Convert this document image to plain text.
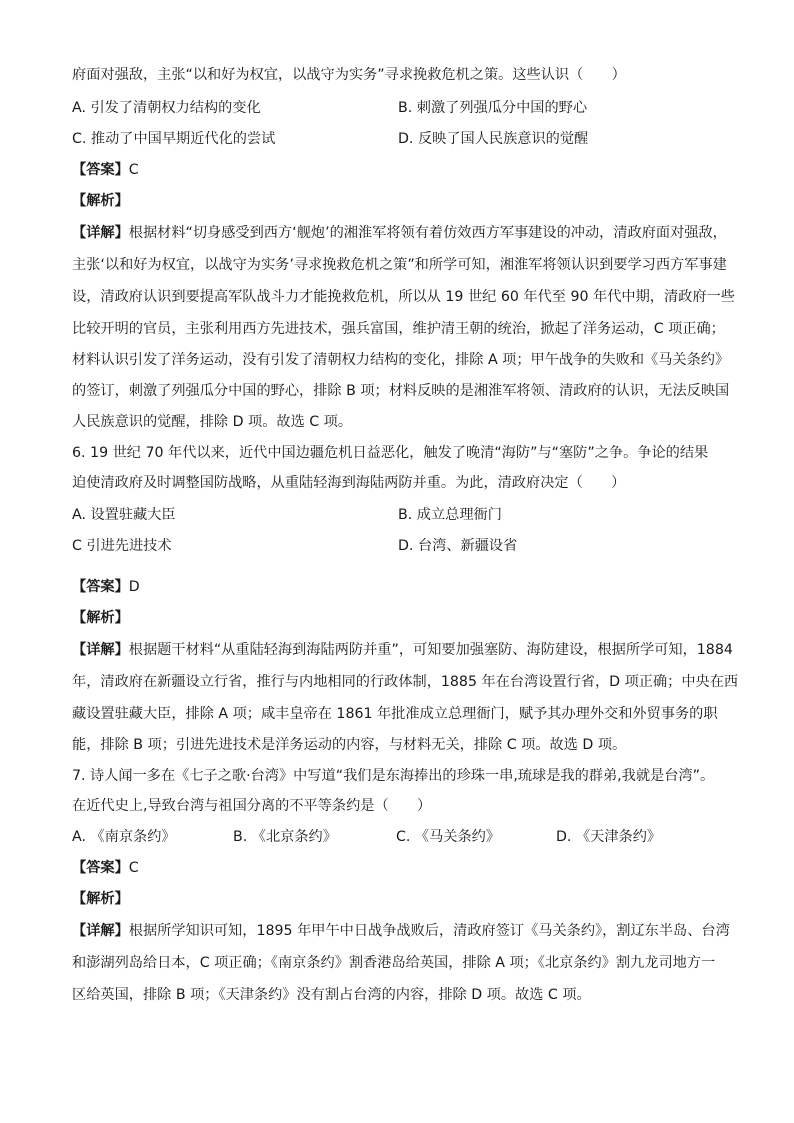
府面对强敌，主张“以和好为权宜，以战守为实务”寻求挽救危机之策。这些认识（　　）
A. 引发了清朝权力结构的变化	B. 刺激了列强瓜分中国的野心
C. 推动了中国早期近代化的尝试	D. 反映了国人民族意识的觉醒
【答案】C
【解析】
【详解】根据材料“切身感受到西方‘舰炮’的湘淮军将领有着仿效西方军事建设的冲动，清政府面对强敌，
主张‘以和好为权宜，以战守为实务’寻求挽救危机之策”和所学可知，湘淮军将领认识到要学习西方军事建
设，清政府认识到要提高军队战斗力才能挽救危机，所以从 19 世纪 60 年代至 90 年代中期，清政府一些
比较开明的官员，主张利用西方先进技术，强兵富国，维护清王朝的统治，掀起了洋务运动，C 项正确；
材料认识引发了洋务运动，没有引发了清朝权力结构的变化，排除 A 项；甲午战争的失败和《马关条约》
的签订，刺激了列强瓜分中国的野心，排除 B 项；材料反映的是湘淮军将领、清政府的认识，无法反映国
人民族意识的觉醒，排除 D 项。故选 C 项。
6. 19 世纪 70 年代以来，近代中国边疆危机日益恶化，触发了晚清“海防”与“塞防”之争。争论的结果
迫使清政府及时调整国防战略，从重陆轻海到海陆两防并重。为此，清政府决定（　　）
A. 设置驻藏大臣	B. 成立总理衙门
C 引进先进技术	D. 台湾、新疆设省
【答案】D
【解析】
【详解】根据题干材料“从重陆轻海到海陆两防并重”，可知要加强塞防、海防建设，根据所学可知，1884
年，清政府在新疆设立行省，推行与内地相同的行政体制，1885 年在台湾设置行省，D 项正确；中央在西
藏设置驻藏大臣，排除 A 项；咸丰皇帝在 1861 年批准成立总理衙门，赋予其办理外交和外贸事务的职
能，排除 B 项；引进先进技术是洋务运动的内容，与材料无关，排除 C 项。故选 D 项。
7. 诗人闻一多在《七子之歌·台湾》中写道“我们是东海捧出的珍珠一串,琉球是我的群弟,我就是台湾”。
在近代史上,导致台湾与祖国分离的不平等条约是（　　）
A. 《南京条约》	B. 《北京条约》	C. 《马关条约》	D. 《天津条约》
【答案】C
【解析】
【详解】根据所学知识可知，1895 年甲午中日战争战败后，清政府签订《马关条约》，割辽东半岛、台湾
和澎湖列岛给日本，C 项正确；《南京条约》割香港岛给英国，排除 A 项；《北京条约》割九龙司地方一
区给英国，排除 B 项；《天津条约》没有割占台湾的内容，排除 D 项。故选 C 项。
